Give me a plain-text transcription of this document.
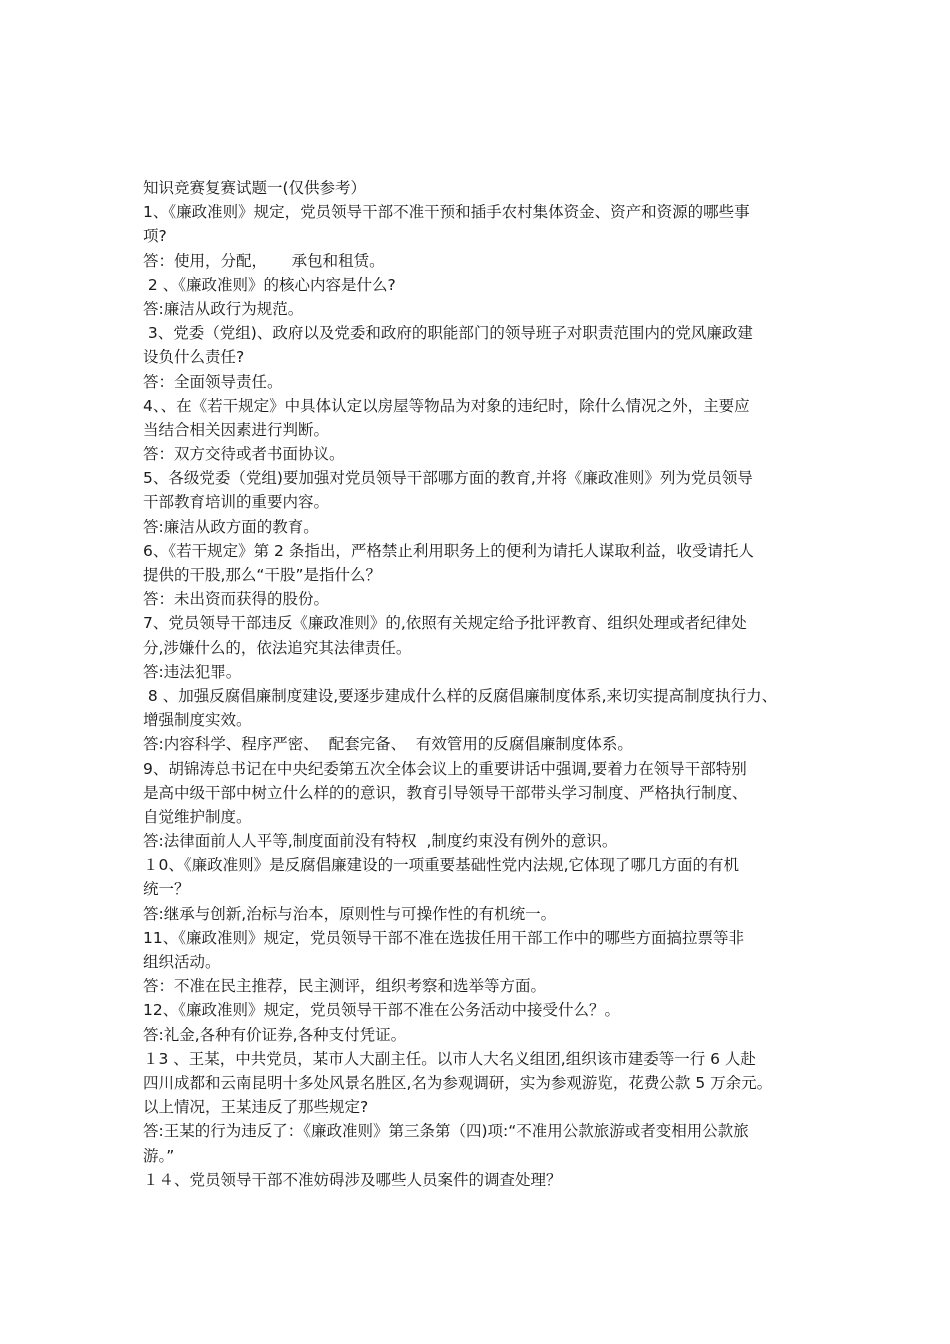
知识竞赛复赛试题一(仅供参考）
1、《廉政准则》规定，党员领导干部不准干预和插手农村集体资金、资产和资源的哪些事
项?
答：使用，分配，     承包和租赁。
2 、《廉政准则》的核心内容是什么?
答:廉洁从政行为规范。
3、党委（党组)、政府以及党委和政府的职能部门的领导班子对职责范围内的党风廉政建
设负什么责任?
答：全面领导责任。
4、、在《若干规定》中具体认定以房屋等物品为对象的违纪时，除什么情况之外，主要应
当结合相关因素进行判断。
答：双方交待或者书面协议。
5、各级党委（党组)要加强对党员领导干部哪方面的教育,并将《廉政准则》列为党员领导
干部教育培训的重要内容。
答:廉洁从政方面的教育。
6、《若干规定》第 2 条指出，严格禁止利用职务上的便利为请托人谋取利益，收受请托人
提供的干股,那么“干股”是指什么？
答：未出资而获得的股份。
7、党员领导干部违反《廉政准则》的,依照有关规定给予批评教育、组织处理或者纪律处
分,涉嫌什么的，依法追究其法律责任。
答:违法犯罪。
8 、加强反腐倡廉制度建设,要逐步建成什么样的反腐倡廉制度体系,来切实提高制度执行力、
增强制度实效。
答:内容科学、程序严密、  配套完备、  有效管用的反腐倡廉制度体系。
9、胡锦涛总书记在中央纪委第五次全体会议上的重要讲话中强调,要着力在领导干部特别
是高中级干部中树立什么样的的意识，教育引导领导干部带头学习制度、严格执行制度、
自觉维护制度。
答:法律面前人人平等,制度面前没有特权  ,制度约束没有例外的意识。
１0、《廉政准则》是反腐倡廉建设的一项重要基础性党内法规,它体现了哪几方面的有机
统一？
答:继承与创新,治标与治本，原则性与可操作性的有机统一。
11、《廉政准则》规定，党员领导干部不准在选拔任用干部工作中的哪些方面搞拉票等非
组织活动。
答：不准在民主推荐，民主测评，组织考察和选举等方面。
12、《廉政准则》规定，党员领导干部不准在公务活动中接受什么？。
答:礼金,各种有价证券,各种支付凭证。
１3 、王某，中共党员，某市人大副主任。以市人大名义组团,组织该市建委等一行 6 人赴
四川成都和云南昆明十多处风景名胜区,名为参观调研，实为参观游览，花费公款 5 万余元。
以上情况，王某违反了那些规定?
答:王某的行为违反了：《廉政准则》第三条第（四)项:“不准用公款旅游或者变相用公款旅
游。”
１４、党员领导干部不准妨碍涉及哪些人员案件的调查处理？
